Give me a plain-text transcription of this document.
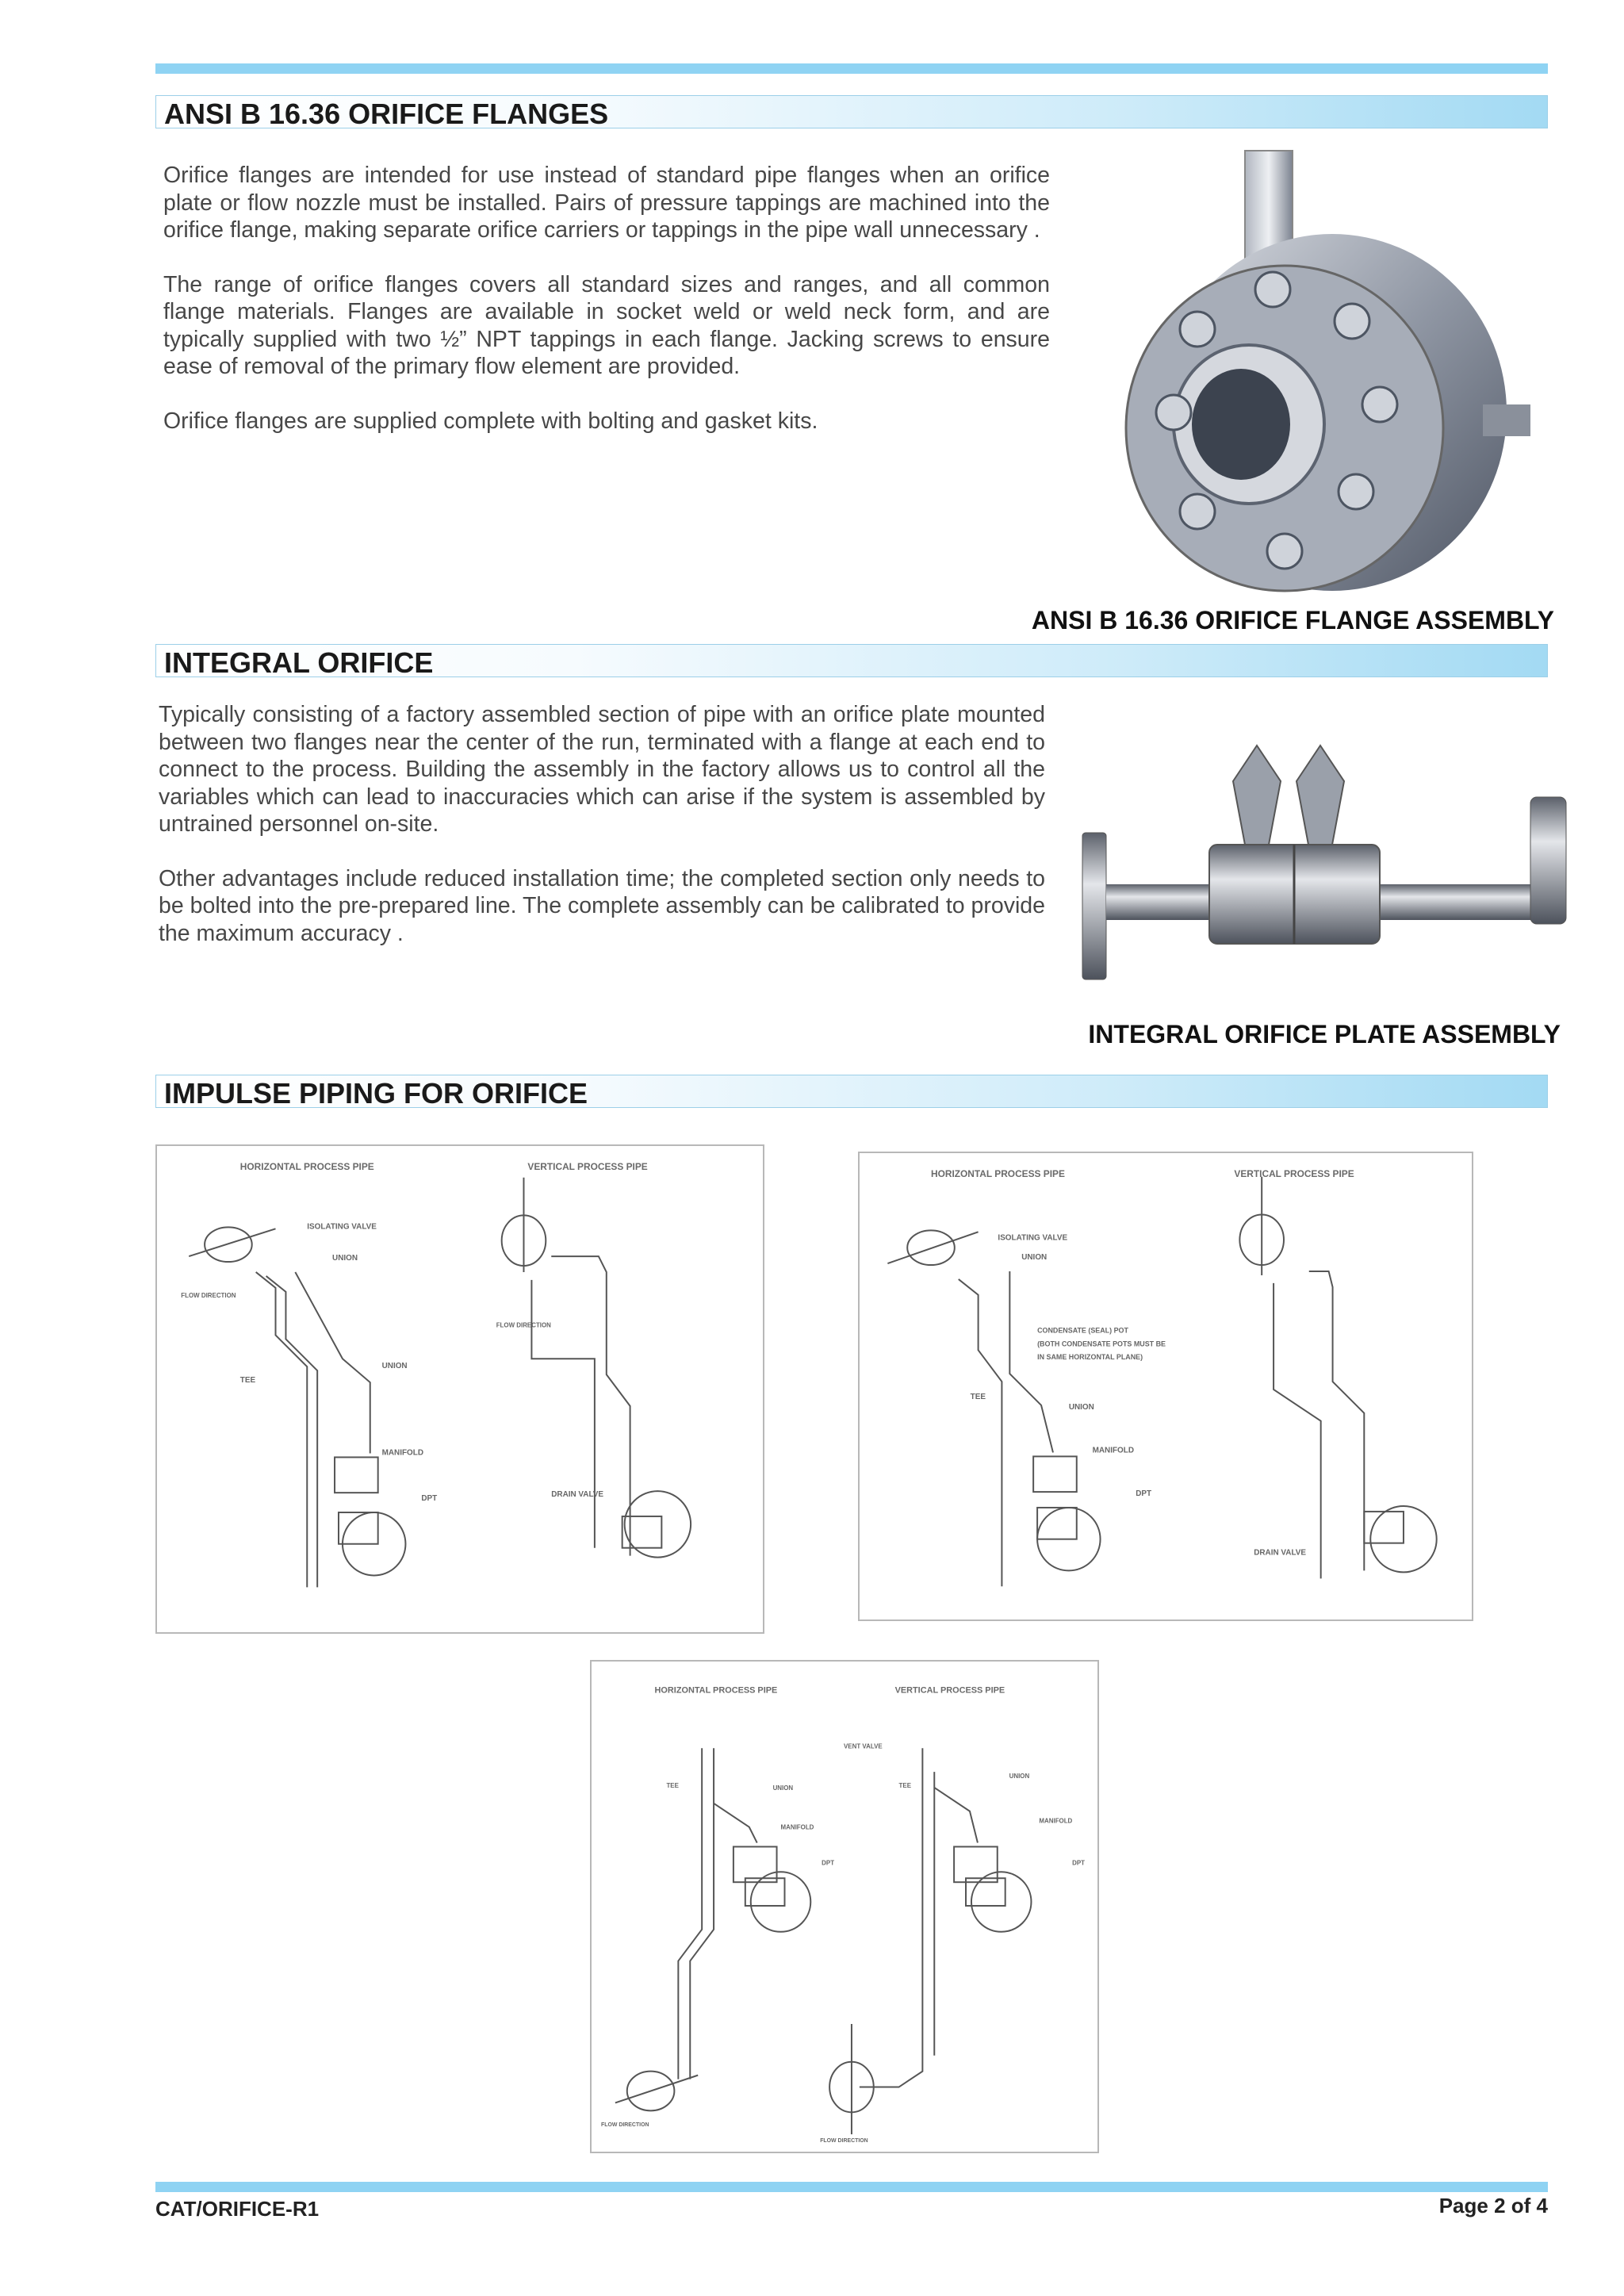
ANSI B 16.36 ORIFICE FLANGES

Orifice flanges are intended for use instead of standard pipe flanges when an orifice plate or flow nozzle must be installed. Pairs of pressure tappings are machined into the orifice flange, making separate orifice carriers or tappings in the pipe wall unnecessary .

The range of orifice flanges covers all standard sizes and ranges, and all common flange materials. Flanges are available in socket weld or weld neck form, and are typically supplied with two ½” NPT tappings in each flange. Jacking screws to ensure ease of removal of the primary flow element are provided.

Orifice flanges are supplied complete with bolting and gasket kits.

ANSI B 16.36 ORIFICE FLANGE ASSEMBLY
INTEGRAL ORIFICE

Typically consisting of a factory assembled section of pipe with an orifice plate mounted between two flanges near the center of the run, terminated with a flange at each end to connect to the process. Building the assembly in the factory allows us to control all the variables which can lead to inaccuracies which can arise if the system is assembled by untrained personnel on-site.

Other advantages include reduced installation time; the completed section only needs to be bolted into the pre-prepared line. The complete assembly can be calibrated to provide the maximum accuracy .

INTEGRAL ORIFICE PLATE ASSEMBLY
IMPULSE PIPING FOR ORIFICE
HORIZONTAL PROCESS PIPE	VERTICAL PROCESS PIPE
ISOLATING VALVE
UNION
FLOW DIRECTION
TEE
UNION
MANIFOLD
DPT	DRAIN VALVE
FLOW DIRECTION
HORIZONTAL PROCESS PIPE	VERTICAL PROCESS PIPE
ISOLATING VALVE
UNION
CONDENSATE (SEAL) POT
(BOTH CONDENSATE POTS MUST BE
IN SAME HORIZONTAL PLANE)
TEE
UNION
MANIFOLD
DPT
DRAIN VALVE
HORIZONTAL PROCESS PIPE	VERTICAL PROCESS PIPE
VENT VALVE
TEE	UNION
MANIFOLD
DPT
TEE
UNION
MANIFOLD
DPT
FLOW DIRECTION
FLOW DIRECTION
CAT/ORIFICE-R1	Page 2 of 4
